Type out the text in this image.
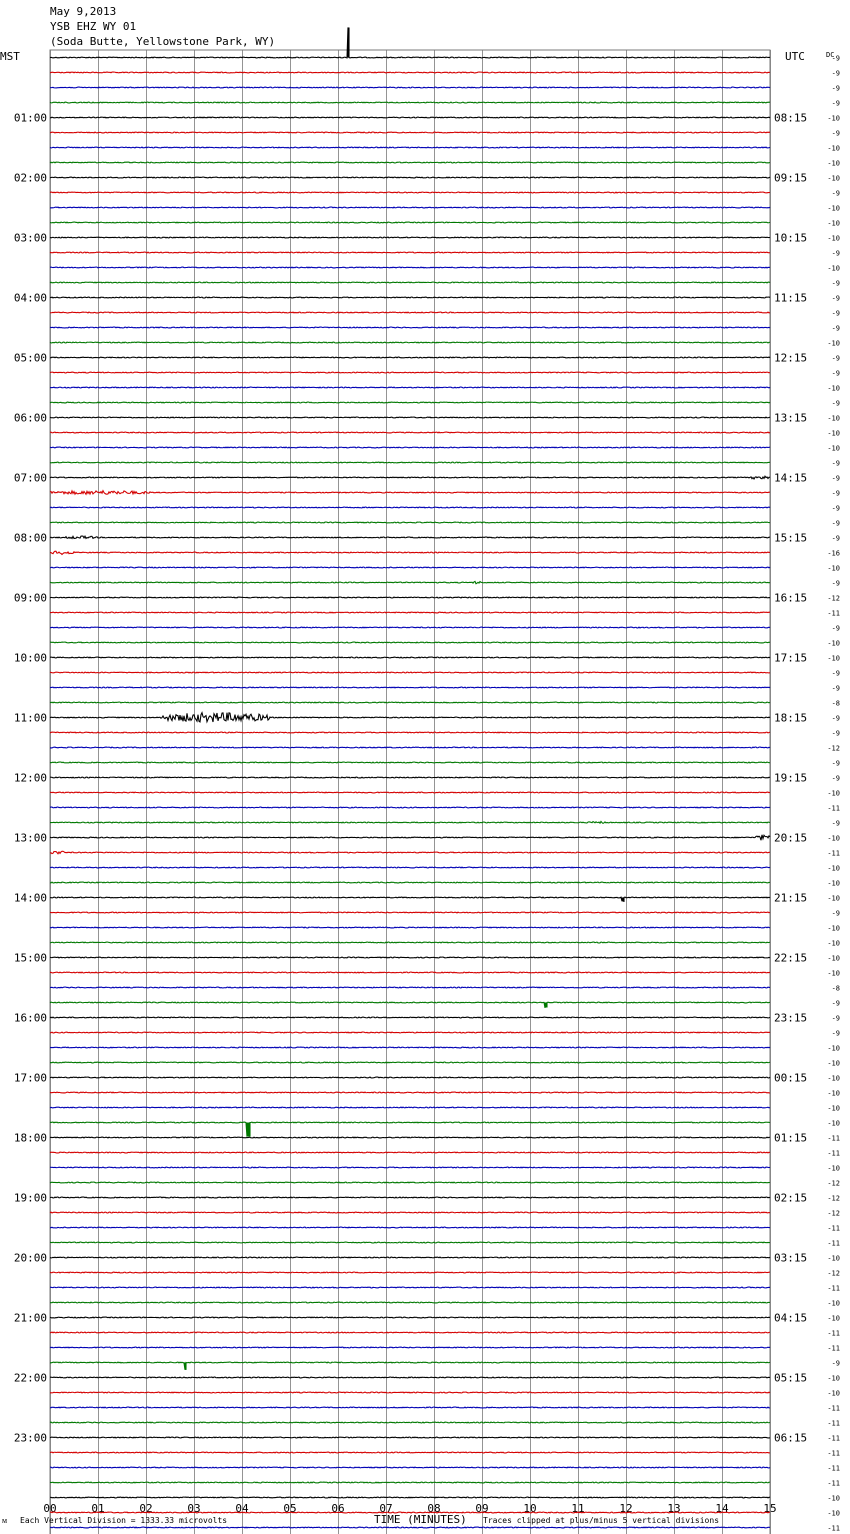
May 9,2013
YSB EHZ WY 01
(Soda Butte, Yellowstone Park, WY)
MST	UTC
00	01	02	03	04	05	06	07	08	09	10	11	12	13	14	15
-9
-9
-9
-9
-10
01:00	08:15
-9
-10
-10
-10
02:00	09:15
-9
-10
-10
-10
03:00	10:15
-9
-10
-9
-9
04:00	11:15
-9
-9
-10
-9
05:00	12:15
-9
-10
-9
-10
06:00	13:15
-10
-10
-9
-9
07:00	14:15
-9
-9
-9
-9
08:00	15:15
-16
-10
-9
-12
09:00	16:15
-11
-9
-10
-10
10:00	17:15
-9
-9
-8
-9
11:00	18:15
-9
-12
-9
-9
12:00	19:15
-10
-11
-9
-10
13:00	20:15
-11
-10
-10
-10
14:00	21:15
-9
-10
-10
-10
15:00	22:15
-10
-8
-9
-9
16:00	23:15
-9
-10
-10
-10
17:00	00:15
-10
-10
-10
-11
18:00	01:15
-11
-10
-12
-12
19:00	02:15
-12
-11
-11
-10
20:00	03:15
-12
-11
-10
-10
21:00	04:15
-11
-11
-9
-10
22:00	05:15
-10
-11
-11
-11
23:00	06:15
-11
-11
-11
-10
-10
-11
DC
ᴍ Each Vertical Division = 1333.33 microvolts	TIME (MINUTES) Traces clipped at plus/minus 5 vertical divisions
